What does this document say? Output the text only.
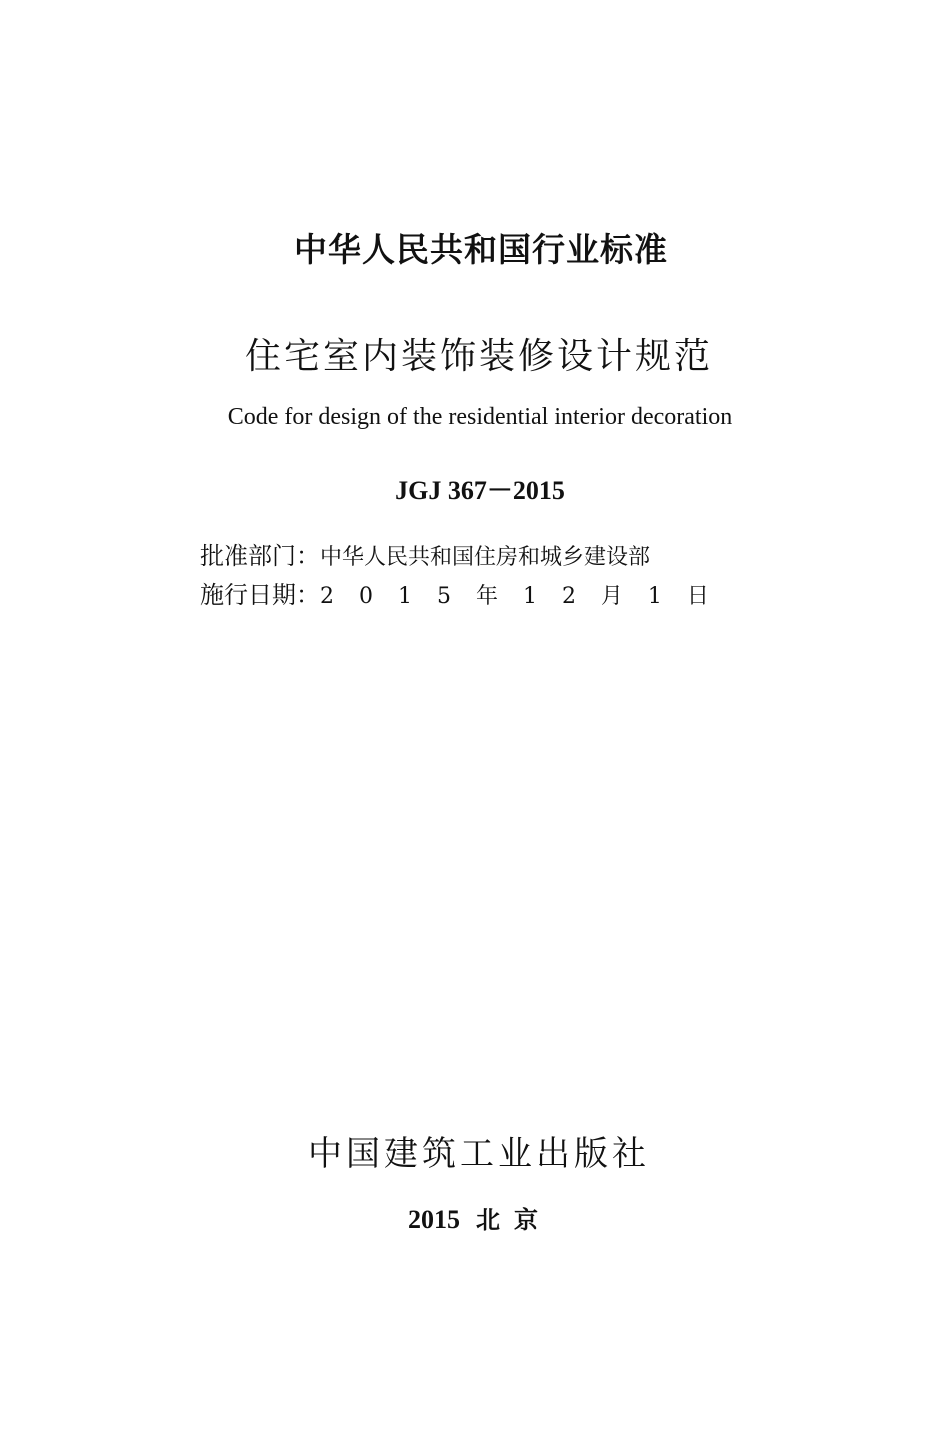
中华人民共和国行业标准
住宅室内装饰装修设计规范
Code for design of the residential interior decoration
JGJ 367－2015
批准部门：中华人民共和国住房和城乡建设部
施行日期：2 0 1 5 年 1 2 月 1 日
中国建筑工业出版社
2015 北京
